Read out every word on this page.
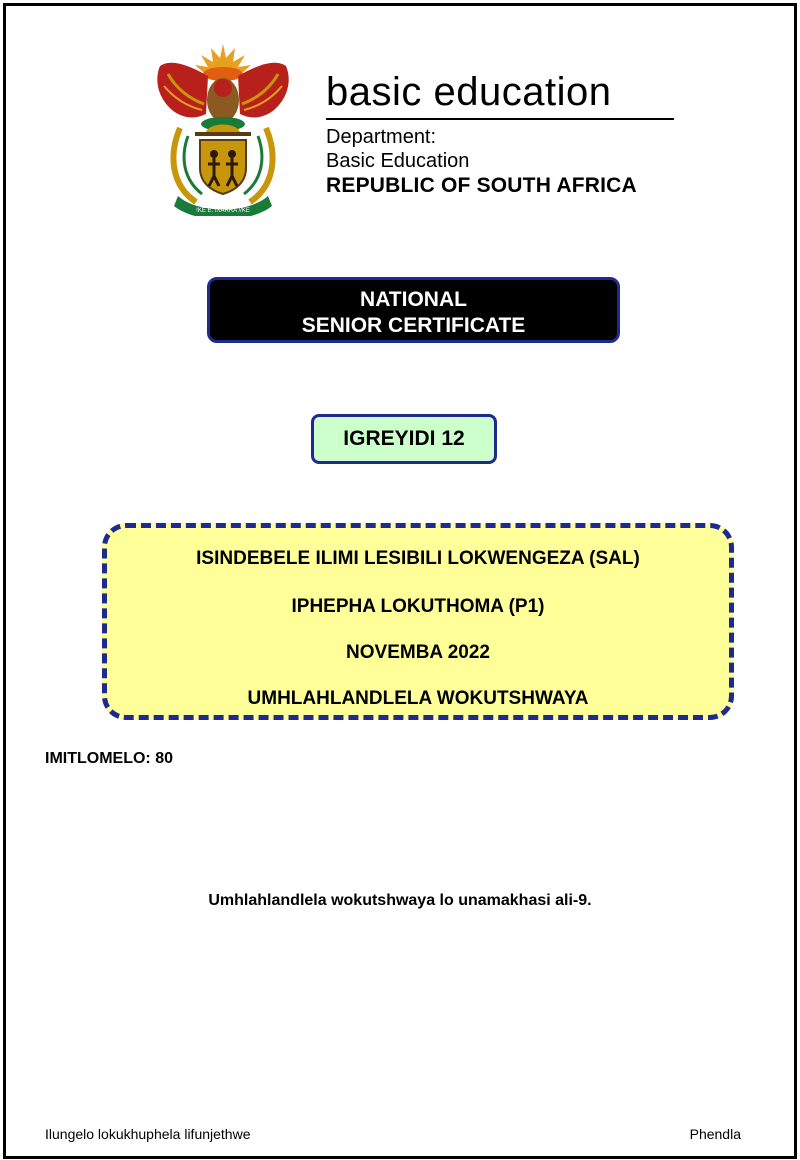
!KE E: /XARRA //KE
basic education
Department:
Basic Education
REPUBLIC OF SOUTH AFRICA
NATIONAL
SENIOR CERTIFICATE
IGREYIDI 12
ISINDEBELE ILIMI LESIBILI LOKWENGEZA (SAL)
IPHEPHA LOKUTHOMA (P1)
NOVEMBA 2022
UMHLAHLANDLELA WOKUTSHWAYA
IMITLOMELO: 80
Umhlahlandlela wokutshwaya lo unamakhasi ali-9.
Ilungelo lokukhuphela lifunjethwe	Phendla
